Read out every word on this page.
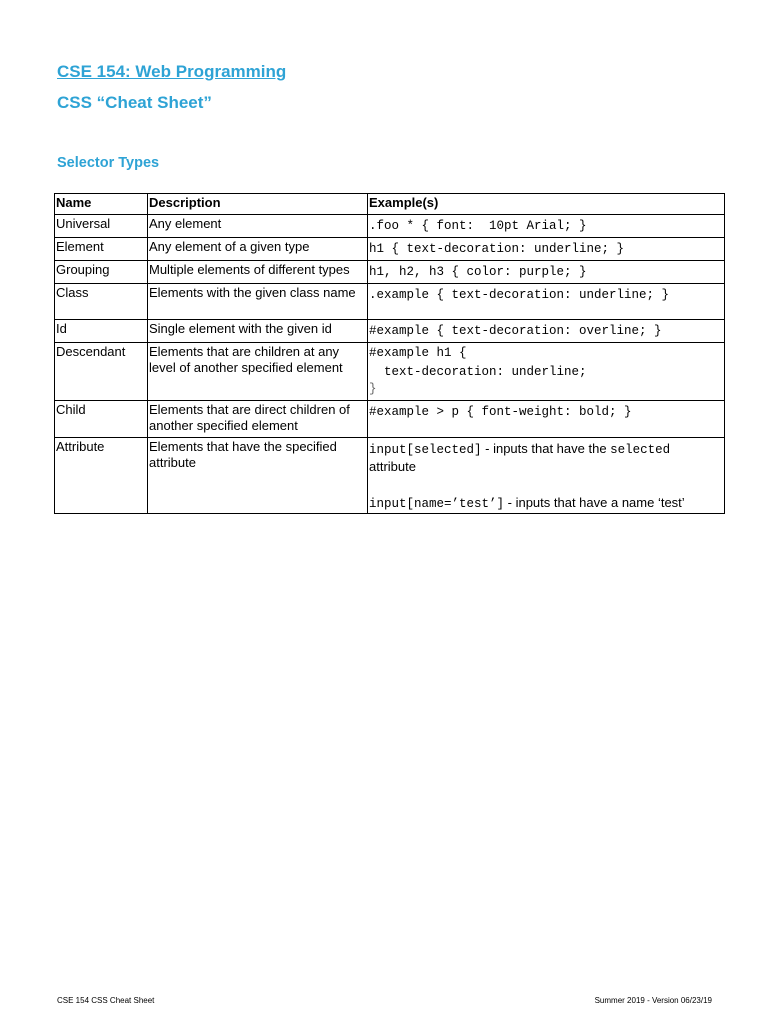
CSE 154: Web Programming
CSS “Cheat Sheet”
Selector Types
Name	Description	Example(s)
Universal	Any element	.foo * { font:  10pt Arial; }

Element	Any element of a given type	h1 { text-decoration: underline; }

Grouping	Multiple elements of different types	h1, h2, h3 { color: purple; }

Class	Elements with the given class name	.example { text-decoration: underline; }

Id	Single element with the given id	#example { text-decoration: overline; }

Descendant	Elements that are children at any level of another specified element	#example h1 {
text-decoration: underline;
}

Child	Elements that are direct children of another specified element	#example > p { font-weight: bold; }

Attribute	Elements that have the specified attribute	input[selected] - inputs that have the selected
attribute
input[name=’test’] - inputs that have a name ‘test’
CSE 154 CSS Cheat Sheet	Summer 2019 - Version 06/23/19
